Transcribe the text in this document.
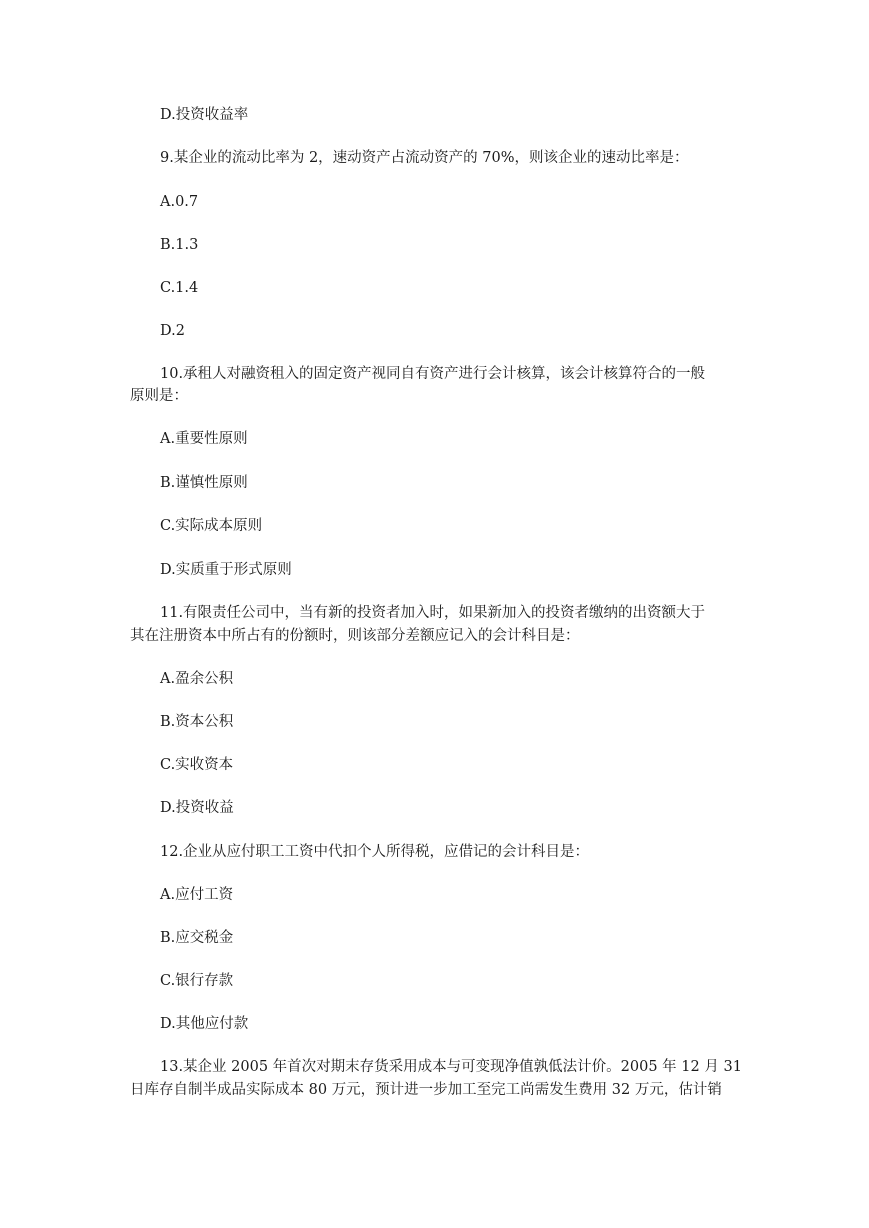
D.投资收益率

9.某企业的流动比率为 2，速动资产占流动资产的 70%，则该企业的速动比率是：

A.0.7

B.1.3

C.1.4

D.2

10.承租人对融资租入的固定资产视同自有资产进行会计核算，该会计核算符合的一般

原则是：

A.重要性原则

B.谨慎性原则

C.实际成本原则

D.实质重于形式原则

11.有限责任公司中，当有新的投资者加入时，如果新加入的投资者缴纳的出资额大于

其在注册资本中所占有的份额时，则该部分差额应记入的会计科目是：

A.盈余公积

B.资本公积

C.实收资本

D.投资收益

12.企业从应付职工工资中代扣个人所得税，应借记的会计科目是：

A.应付工资

B.应交税金

C.银行存款

D.其他应付款

13.某企业 2005 年首次对期末存货采用成本与可变现净值孰低法计价。2005 年 12 月 31

日库存自制半成品实际成本 80 万元，预计进一步加工至完工尚需发生费用 32 万元，估计销
